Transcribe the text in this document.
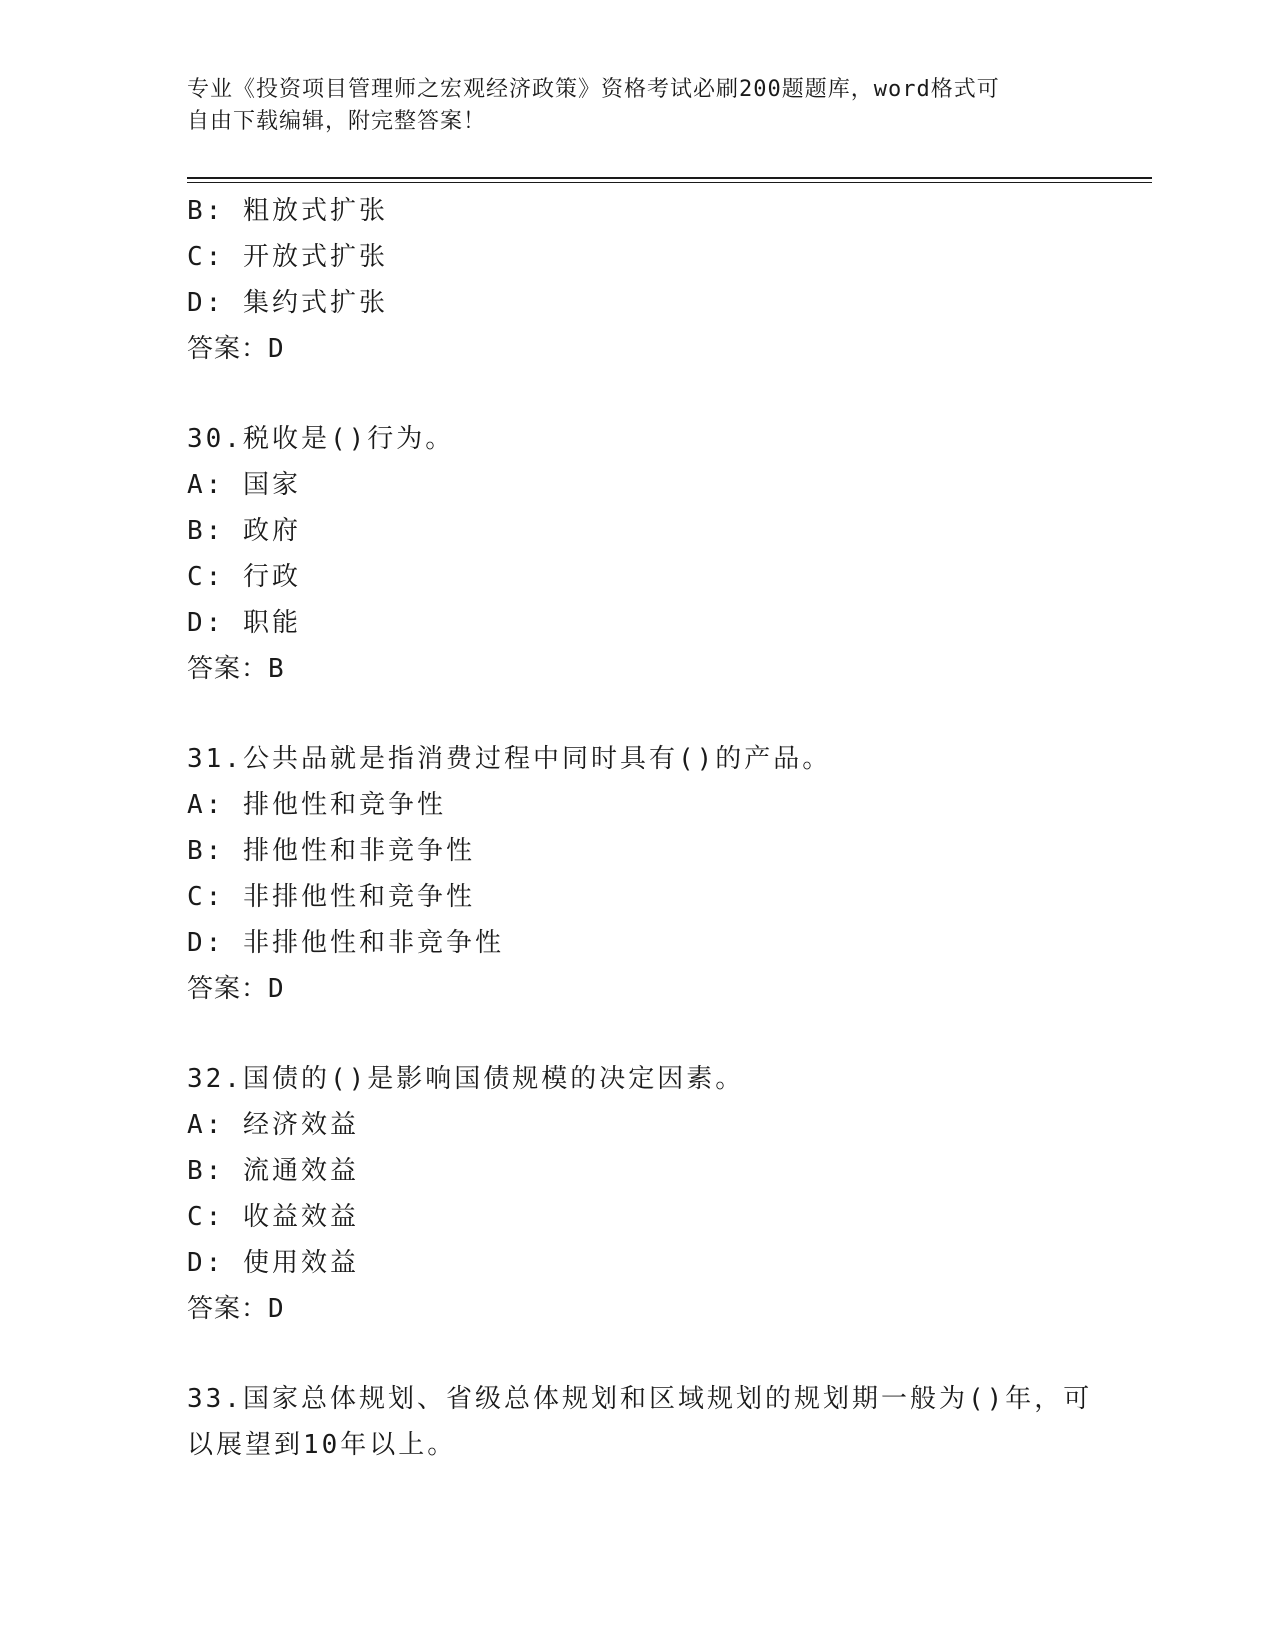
专业《投资项目管理师之宏观经济政策》资格考试必刷200题题库，word格式可
自由下载编辑，附完整答案！
B: 粗放式扩张
C: 开放式扩张
D: 集约式扩张
答案：D
30.税收是()行为。
A: 国家
B: 政府
C: 行政
D: 职能
答案：B
31.公共品就是指消费过程中同时具有()的产品。
A: 排他性和竞争性
B: 排他性和非竞争性
C: 非排他性和竞争性
D: 非排他性和非竞争性
答案：D
32.国债的()是影响国债规模的决定因素。
A: 经济效益
B: 流通效益
C: 收益效益
D: 使用效益
答案：D
33.国家总体规划、省级总体规划和区域规划的规划期一般为()年，可
以展望到10年以上。
